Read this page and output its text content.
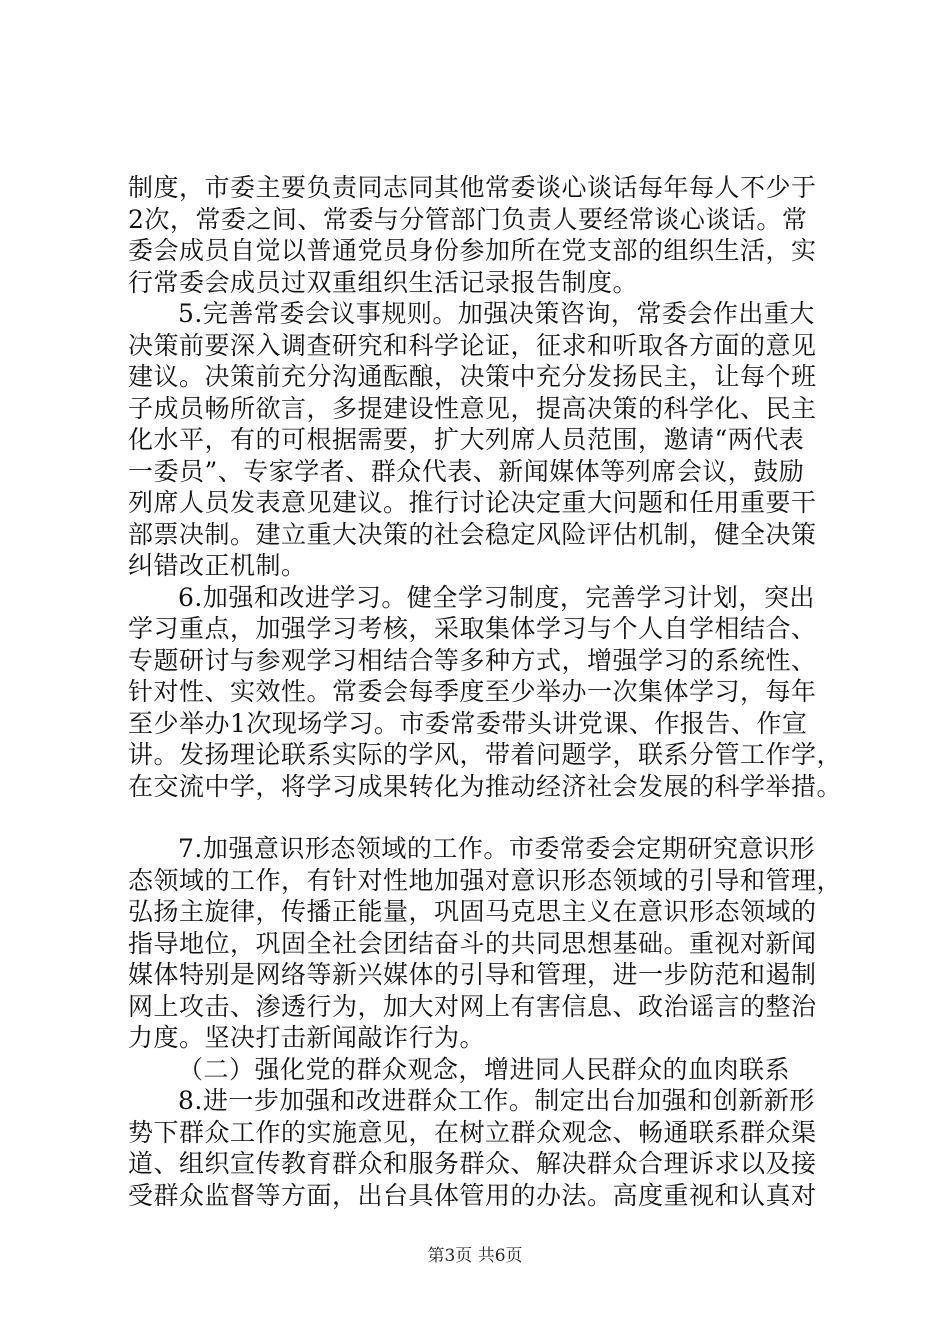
制度，市委主要负责同志同其他常委谈心谈话每年每人不少于
2次，常委之间、常委与分管部门负责人要经常谈心谈话。常
委会成员自觉以普通党员身份参加所在党支部的组织生活，实
行常委会成员过双重组织生活记录报告制度。
5.完善常委会议事规则。加强决策咨询，常委会作出重大
决策前要深入调查研究和科学论证，征求和听取各方面的意见
建议。决策前充分沟通酝酿，决策中充分发扬民主，让每个班
子成员畅所欲言，多提建设性意见，提高决策的科学化、民主
化水平，有的可根据需要，扩大列席人员范围，邀请“两代表
一委员”、专家学者、群众代表、新闻媒体等列席会议，鼓励
列席人员发表意见建议。推行讨论决定重大问题和任用重要干
部票决制。建立重大决策的社会稳定风险评估机制，健全决策
纠错改正机制。
6.加强和改进学习。健全学习制度，完善学习计划，突出
学习重点，加强学习考核，采取集体学习与个人自学相结合、
专题研讨与参观学习相结合等多种方式，增强学习的系统性、
针对性、实效性。常委会每季度至少举办一次集体学习，每年
至少举办1次现场学习。市委常委带头讲党课、作报告、作宣
讲。发扬理论联系实际的学风，带着问题学，联系分管工作学，
在交流中学，将学习成果转化为推动经济社会发展的科学举措。
7.加强意识形态领域的工作。市委常委会定期研究意识形
态领域的工作，有针对性地加强对意识形态领域的引导和管理，
弘扬主旋律，传播正能量，巩固马克思主义在意识形态领域的
指导地位，巩固全社会团结奋斗的共同思想基础。重视对新闻
媒体特别是网络等新兴媒体的引导和管理，进一步防范和遏制
网上攻击、渗透行为，加大对网上有害信息、政治谣言的整治
力度。坚决打击新闻敲诈行为。
（二）强化党的群众观念，增进同人民群众的血肉联系
8.进一步加强和改进群众工作。制定出台加强和创新新形
势下群众工作的实施意见，在树立群众观念、畅通联系群众渠
道、组织宣传教育群众和服务群众、解决群众合理诉求以及接
受群众监督等方面，出台具体管用的办法。高度重视和认真对
第3页 共6页
